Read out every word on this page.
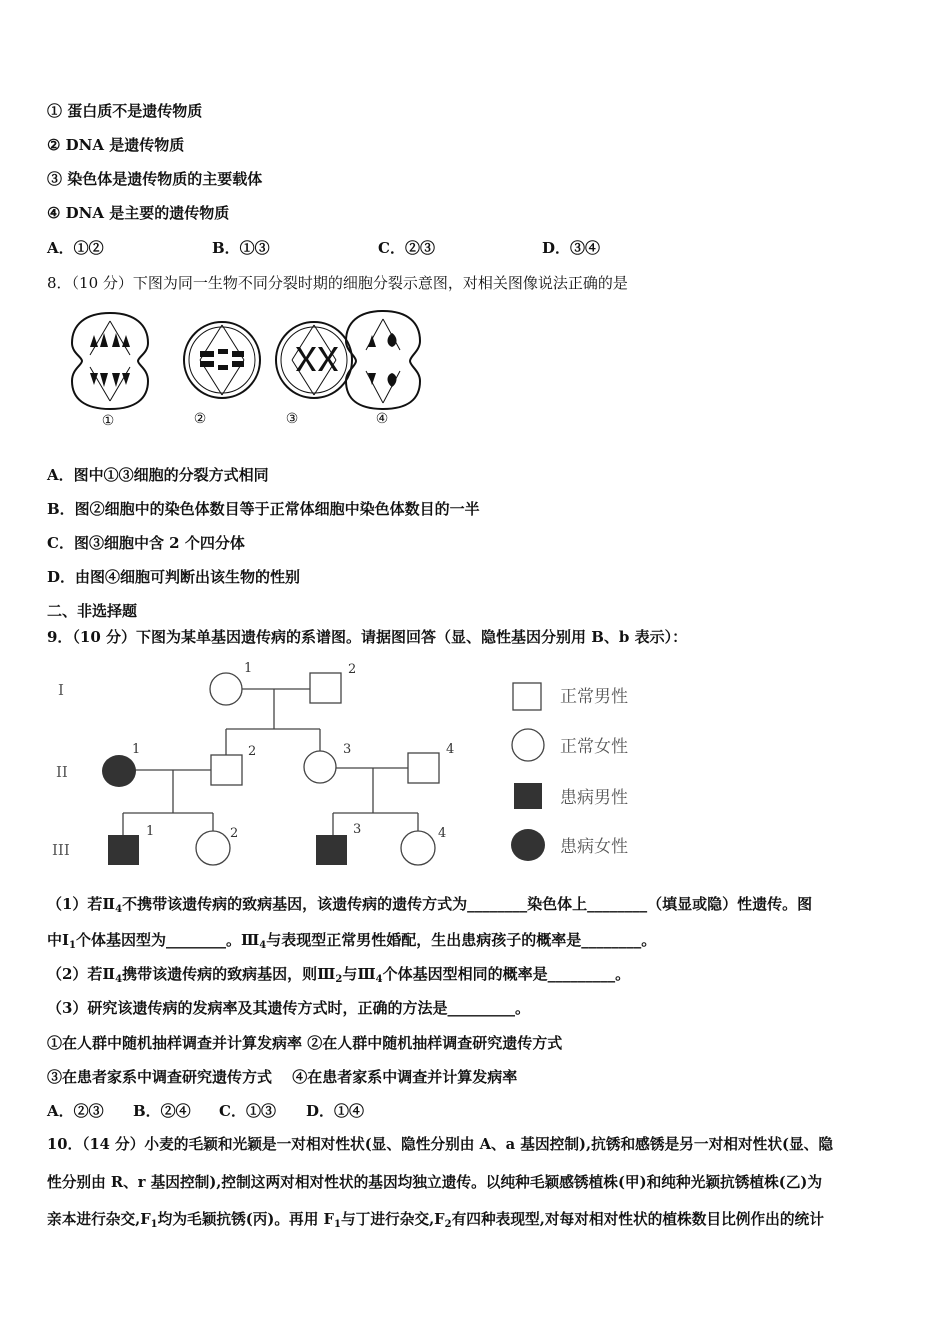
① 蛋白质不是遗传物质
② DNA 是遗传物质
③ 染色体是遗传物质的主要载体
④ DNA 是主要的遗传物质
A．①②	B．①③	C．②③	D．③④
8．（10 分）下图为同一生物不同分裂时期的细胞分裂示意图，对相关图像说法正确的是
①	②	③	④
A．图中①③细胞的分裂方式相同
B．图②细胞中的染色体数目等于正常体细胞中染色体数目的一半
C．图③细胞中含 2 个四分体
D．由图④细胞可判断出该生物的性别
二、非选择题
9．（10 分）下图为某单基因遗传病的系谱图。请据图回答（显、隐性基因分别用 B、b 表示）：
I
II
III
1	2
1	2	3	4
1	2	3	4
正常男性
正常女性
患病男性
患病女性
（1）若$Ⅱ_4$不携带该遗传病的致病基因，该遗传病的遗传方式为________染色体上________（填显或隐）性遗传。图
中$Ⅰ_1$个体基因型为________。$Ⅲ_4$与表现型正常男性婚配，生出患病孩子的概率是________。
（2）若$Ⅱ_4$携带该遗传病的致病基因，则$Ⅲ_2$与$Ⅲ_4$个体基因型相同的概率是_________。
（3）研究该遗传病的发病率及其遗传方式时，正确的方法是_________。
①在人群中随机抽样调查并计算发病率 ②在人群中随机抽样调查研究遗传方式
③在患者家系中调查研究遗传方式 　④在患者家系中调查并计算发病率
A．②③ B．②④ C．①③ D．①④
10．（14 分）小麦的毛颖和光颖是一对相对性状(显、隐性分别由 A、a 基因控制),抗锈和感锈是另一对相对性状(显、隐
性分别由 R、r 基因控制),控制这两对相对性状的基因均独立遗传。以纯种毛颖感锈植株(甲)和纯种光颖抗锈植株(乙)为
亲本进行杂交$,F_1$均为毛颖抗锈(丙)。再用 $F_1$与丁进行杂交$,F_2$有四种表现型,对每对相对性状的植株数目比例作出的统计
